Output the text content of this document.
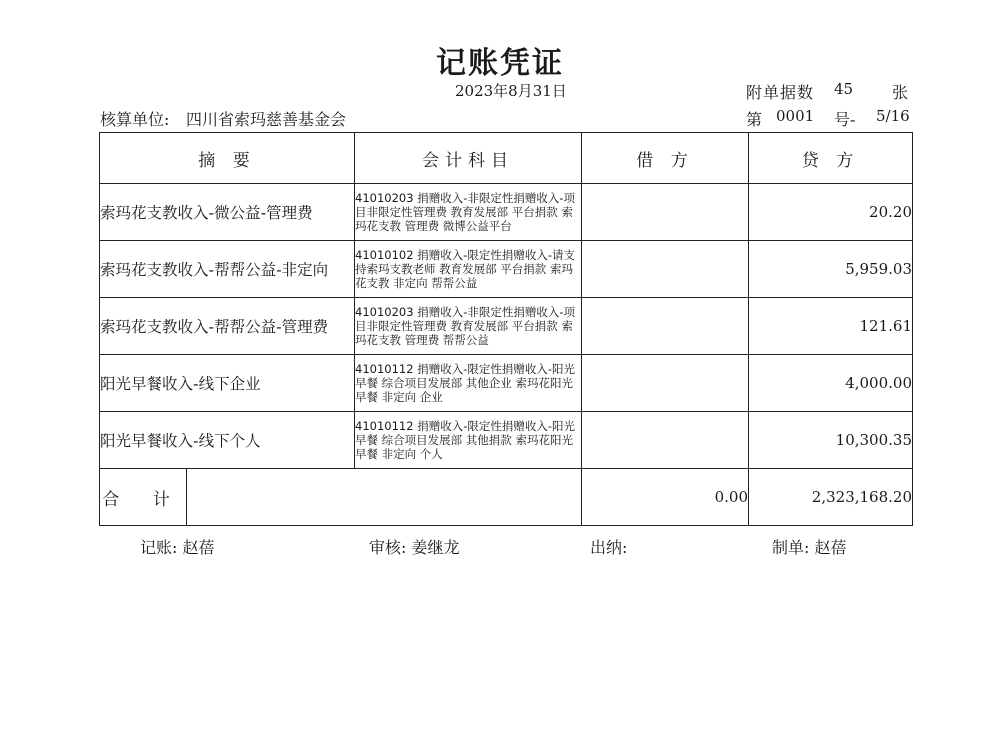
记账凭证
2023年8月31日	附单据数 45 张
核算单位: 四川省索玛慈善基金会	第 0001 号- 5/16
摘 要	会计科目	借 方	贷 方
索玛花支教收入-微公益-管理费	41010203 捐赠收入-非限定性捐赠收入-项目非限定性管理费 教育发展部 平台捐款 索玛花支教 管理费 微博公益平台		20.20
索玛花支教收入-帮帮公益-非定向	41010102 捐赠收入-限定性捐赠收入-请支持索玛支教老师 教育发展部 平台捐款 索玛花支教 非定向 帮帮公益		5,959.03
索玛花支教收入-帮帮公益-管理费	41010203 捐赠收入-非限定性捐赠收入-项目非限定性管理费 教育发展部 平台捐款 索玛花支教 管理费 帮帮公益		121.61
阳光早餐收入-线下企业	41010112 捐赠收入-限定性捐赠收入-阳光早餐 综合项目发展部 其他企业 索玛花阳光早餐 非定向 企业		4,000.00
阳光早餐收入-线下个人	41010112 捐赠收入-限定性捐赠收入-阳光早餐 综合项目发展部 其他捐款 索玛花阳光早餐 非定向 个人		10,300.35

合 计		0.00	2,323,168.20
记账: 赵蓓	审核: 姜继龙	出纳:	制单: 赵蓓
